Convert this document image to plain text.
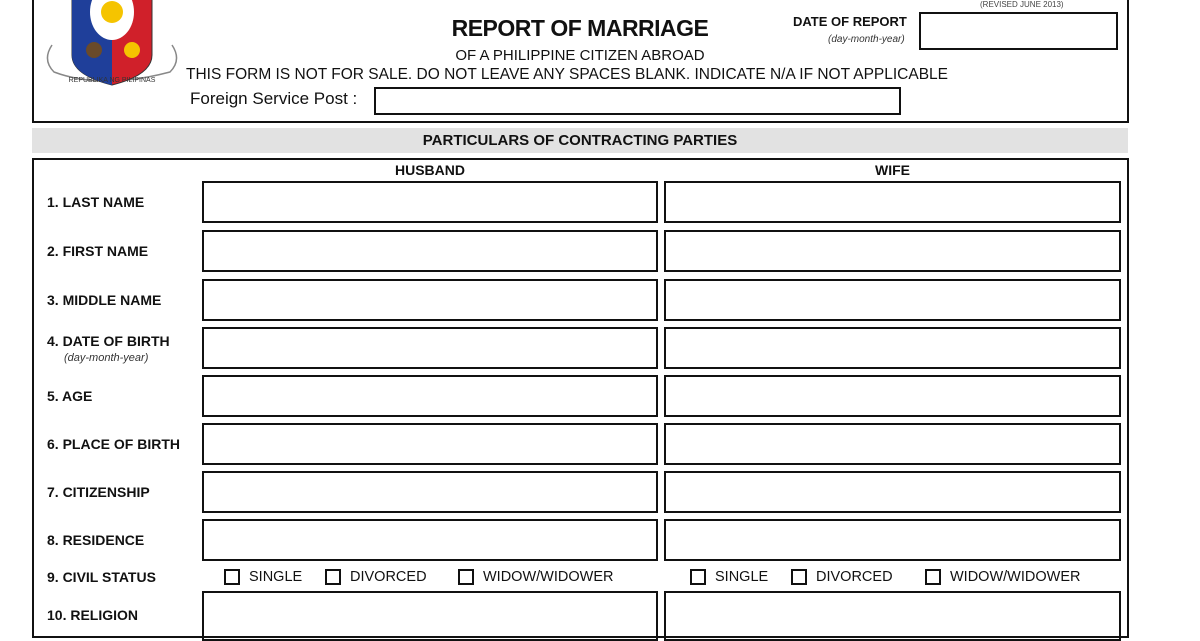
REPUBLIKA NG PILIPINAS
(REVISED JUNE 2013)
REPORT OF MARRIAGE
OF A PHILIPPINE CITIZEN ABROAD
THIS FORM IS NOT FOR SALE. DO NOT LEAVE ANY SPACES BLANK. INDICATE N/A IF NOT APPLICABLE
Foreign Service Post :
DATE OF REPORT
(day-month-year)
PARTICULARS OF CONTRACTING PARTIES
HUSBAND	WIFE
1. LAST NAME
2. FIRST NAME
3. MIDDLE NAME
4. DATE OF BIRTH
(day-month-year)
5. AGE
6. PLACE OF BIRTH
7. CITIZENSHIP
8. RESIDENCE
9. CIVIL STATUS	SINGLE	DIVORCED	WIDOW/WIDOWER	SINGLE	DIVORCED	WIDOW/WIDOWER
10. RELIGION
